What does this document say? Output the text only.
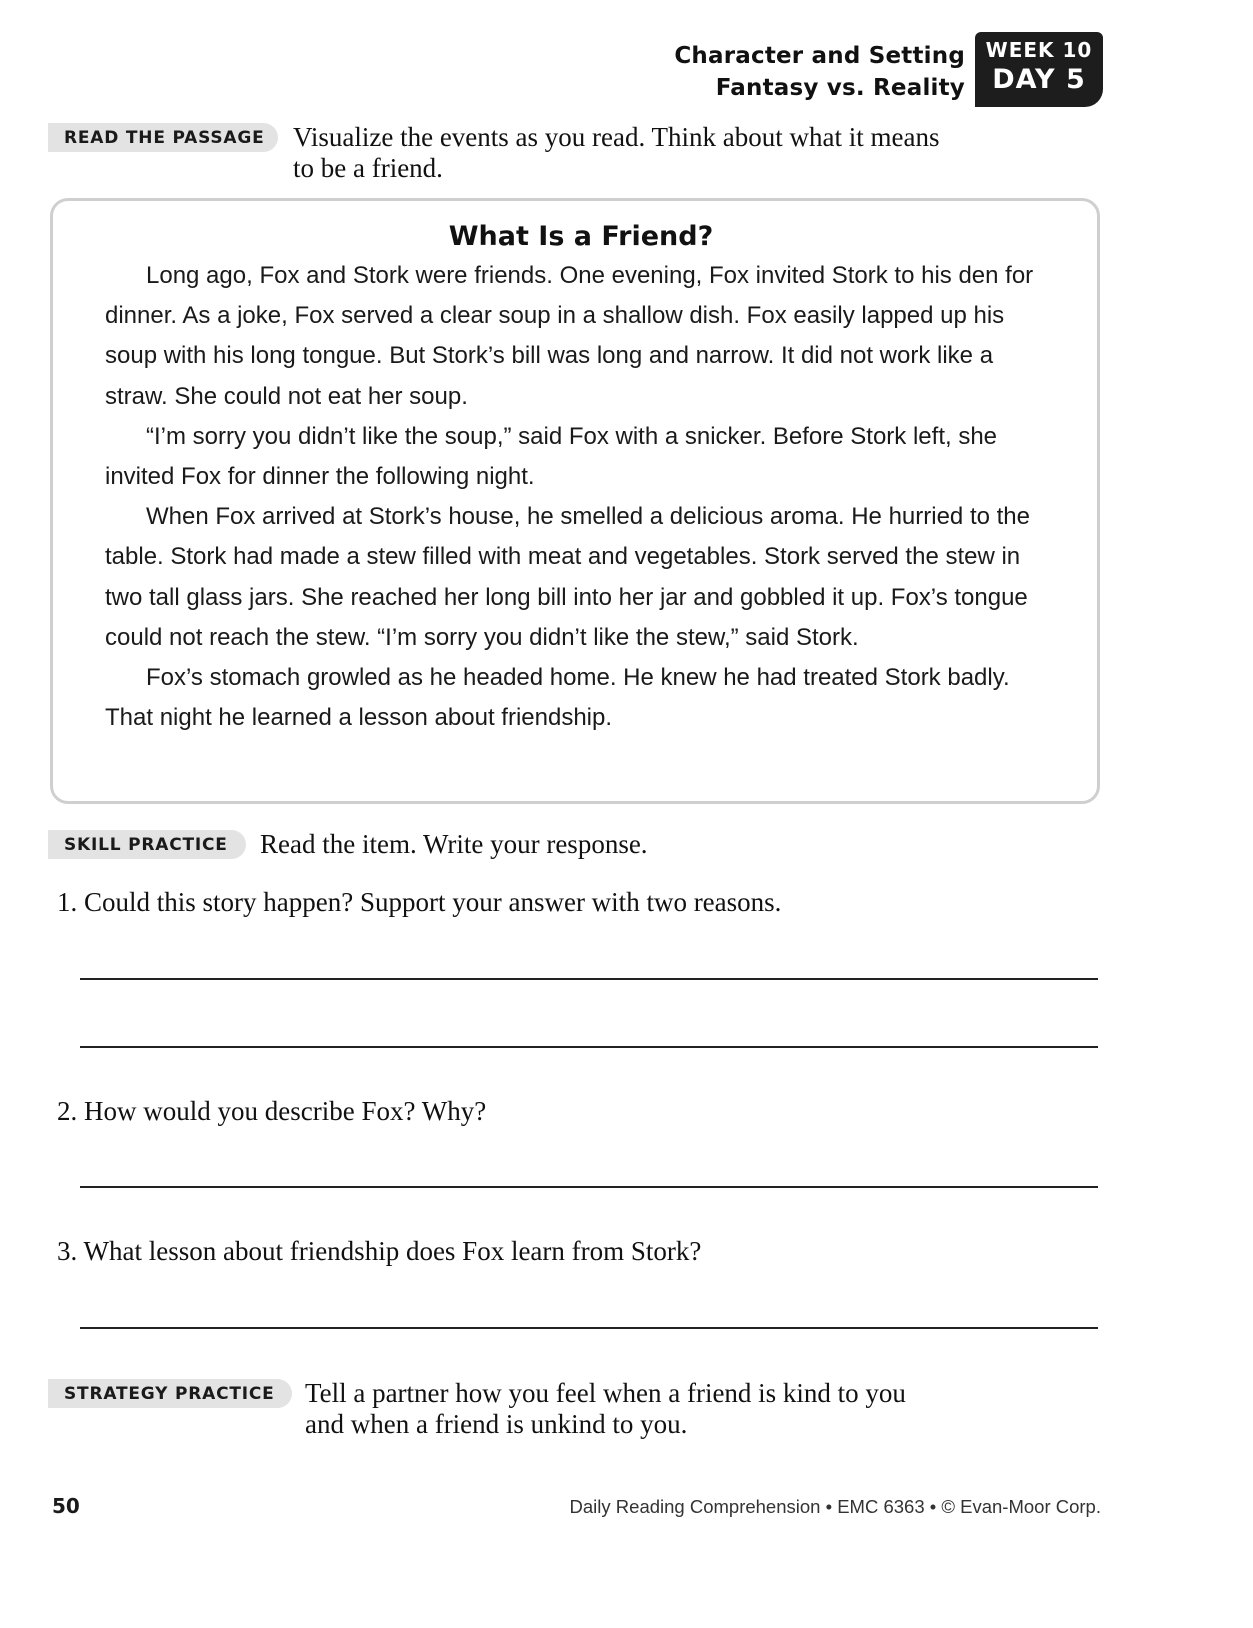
Character and Setting
Fantasy vs. Reality
WEEK 10
DAY 5
READ THE PASSAGE	Visualize the events as you read. Think about what it means
to be a friend.
What Is a Friend?

Long ago, Fox and Stork were friends. One evening, Fox invited Stork to his den for dinner. As a joke, Fox served a clear soup in a shallow dish. Fox easily lapped up his soup with his long tongue. But Stork’s bill was long and narrow. It did not work like a straw. She could not eat her soup.

“I’m sorry you didn’t like the soup,” said Fox with a snicker. Before Stork left, she invited Fox for dinner the following night.

When Fox arrived at Stork’s house, he smelled a delicious aroma. He hurried to the table. Stork had made a stew filled with meat and vegetables. Stork served the stew in two tall glass jars. She reached her long bill into her jar and gobbled it up. Fox’s tongue could not reach the stew. “I’m sorry you didn’t like the stew,” said Stork.

Fox’s stomach growled as he headed home. He knew he had treated Stork badly. That night he learned a lesson about friendship.

SKILL PRACTICE	Read the item. Write your response.
1. Could this story happen? Support your answer with two reasons.
2. How would you describe Fox? Why?
3. What lesson about friendship does Fox learn from Stork?
STRATEGY PRACTICE	Tell a partner how you feel when a friend is kind to you
and when a friend is unkind to you.
50	Daily Reading Comprehension • EMC 6363 • © Evan-Moor Corp.
